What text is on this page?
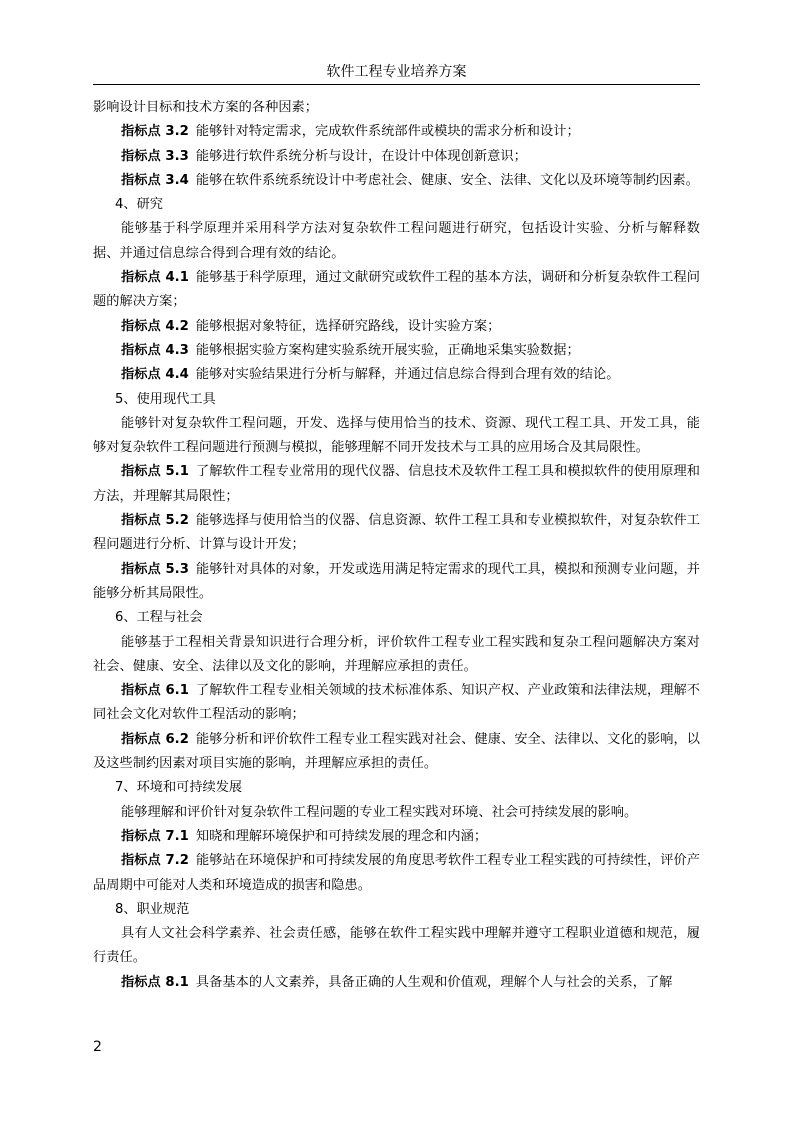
软件工程专业培养方案

影响设计目标和技术方案的各种因素；

指标点 3.2 能够针对特定需求，完成软件系统部件或模块的需求分析和设计；

指标点 3.3 能够进行软件系统分析与设计，在设计中体现创新意识；

指标点 3.4 能够在软件系统系统设计中考虑社会、健康、安全、法律、文化以及环境等制约因素。

4、研究

能够基于科学原理并采用科学方法对复杂软件工程问题进行研究，包括设计实验、分析与解释数据、并通过信息综合得到合理有效的结论。

指标点 4.1 能够基于科学原理，通过文献研究或软件工程的基本方法，调研和分析复杂软件工程问题的解决方案；

指标点 4.2 能够根据对象特征，选择研究路线，设计实验方案；

指标点 4.3 能够根据实验方案构建实验系统开展实验，正确地采集实验数据；

指标点 4.4 能够对实验结果进行分析与解释，并通过信息综合得到合理有效的结论。

5、使用现代工具

能够针对复杂软件工程问题，开发、选择与使用恰当的技术、资源、现代工程工具、开发工具，能够对复杂软件工程问题进行预测与模拟，能够理解不同开发技术与工具的应用场合及其局限性。

指标点 5.1 了解软件工程专业常用的现代仪器、信息技术及软件工程工具和模拟软件的使用原理和方法，并理解其局限性；

指标点 5.2 能够选择与使用恰当的仪器、信息资源、软件工程工具和专业模拟软件，对复杂软件工程问题进行分析、计算与设计开发；

指标点 5.3 能够针对具体的对象，开发或选用满足特定需求的现代工具，模拟和预测专业问题，并能够分析其局限性。

6、工程与社会

能够基于工程相关背景知识进行合理分析，评价软件工程专业工程实践和复杂工程问题解决方案对社会、健康、安全、法律以及文化的影响，并理解应承担的责任。

指标点 6.1 了解软件工程专业相关领域的技术标准体系、知识产权、产业政策和法律法规，理解不同社会文化对软件工程活动的影响；

指标点 6.2 能够分析和评价软件工程专业工程实践对社会、健康、安全、法律以、文化的影响，以及这些制约因素对项目实施的影响，并理解应承担的责任。

7、环境和可持续发展

能够理解和评价针对复杂软件工程问题的专业工程实践对环境、社会可持续发展的影响。

指标点 7.1 知晓和理解环境保护和可持续发展的理念和内涵；

指标点 7.2 能够站在环境保护和可持续发展的角度思考软件工程专业工程实践的可持续性，评价产品周期中可能对人类和环境造成的损害和隐患。

8、职业规范

具有人文社会科学素养、社会责任感，能够在软件工程实践中理解并遵守工程职业道德和规范，履行责任。

指标点 8.1 具备基本的人文素养，具备正确的人生观和价值观，理解个人与社会的关系，了解

2
